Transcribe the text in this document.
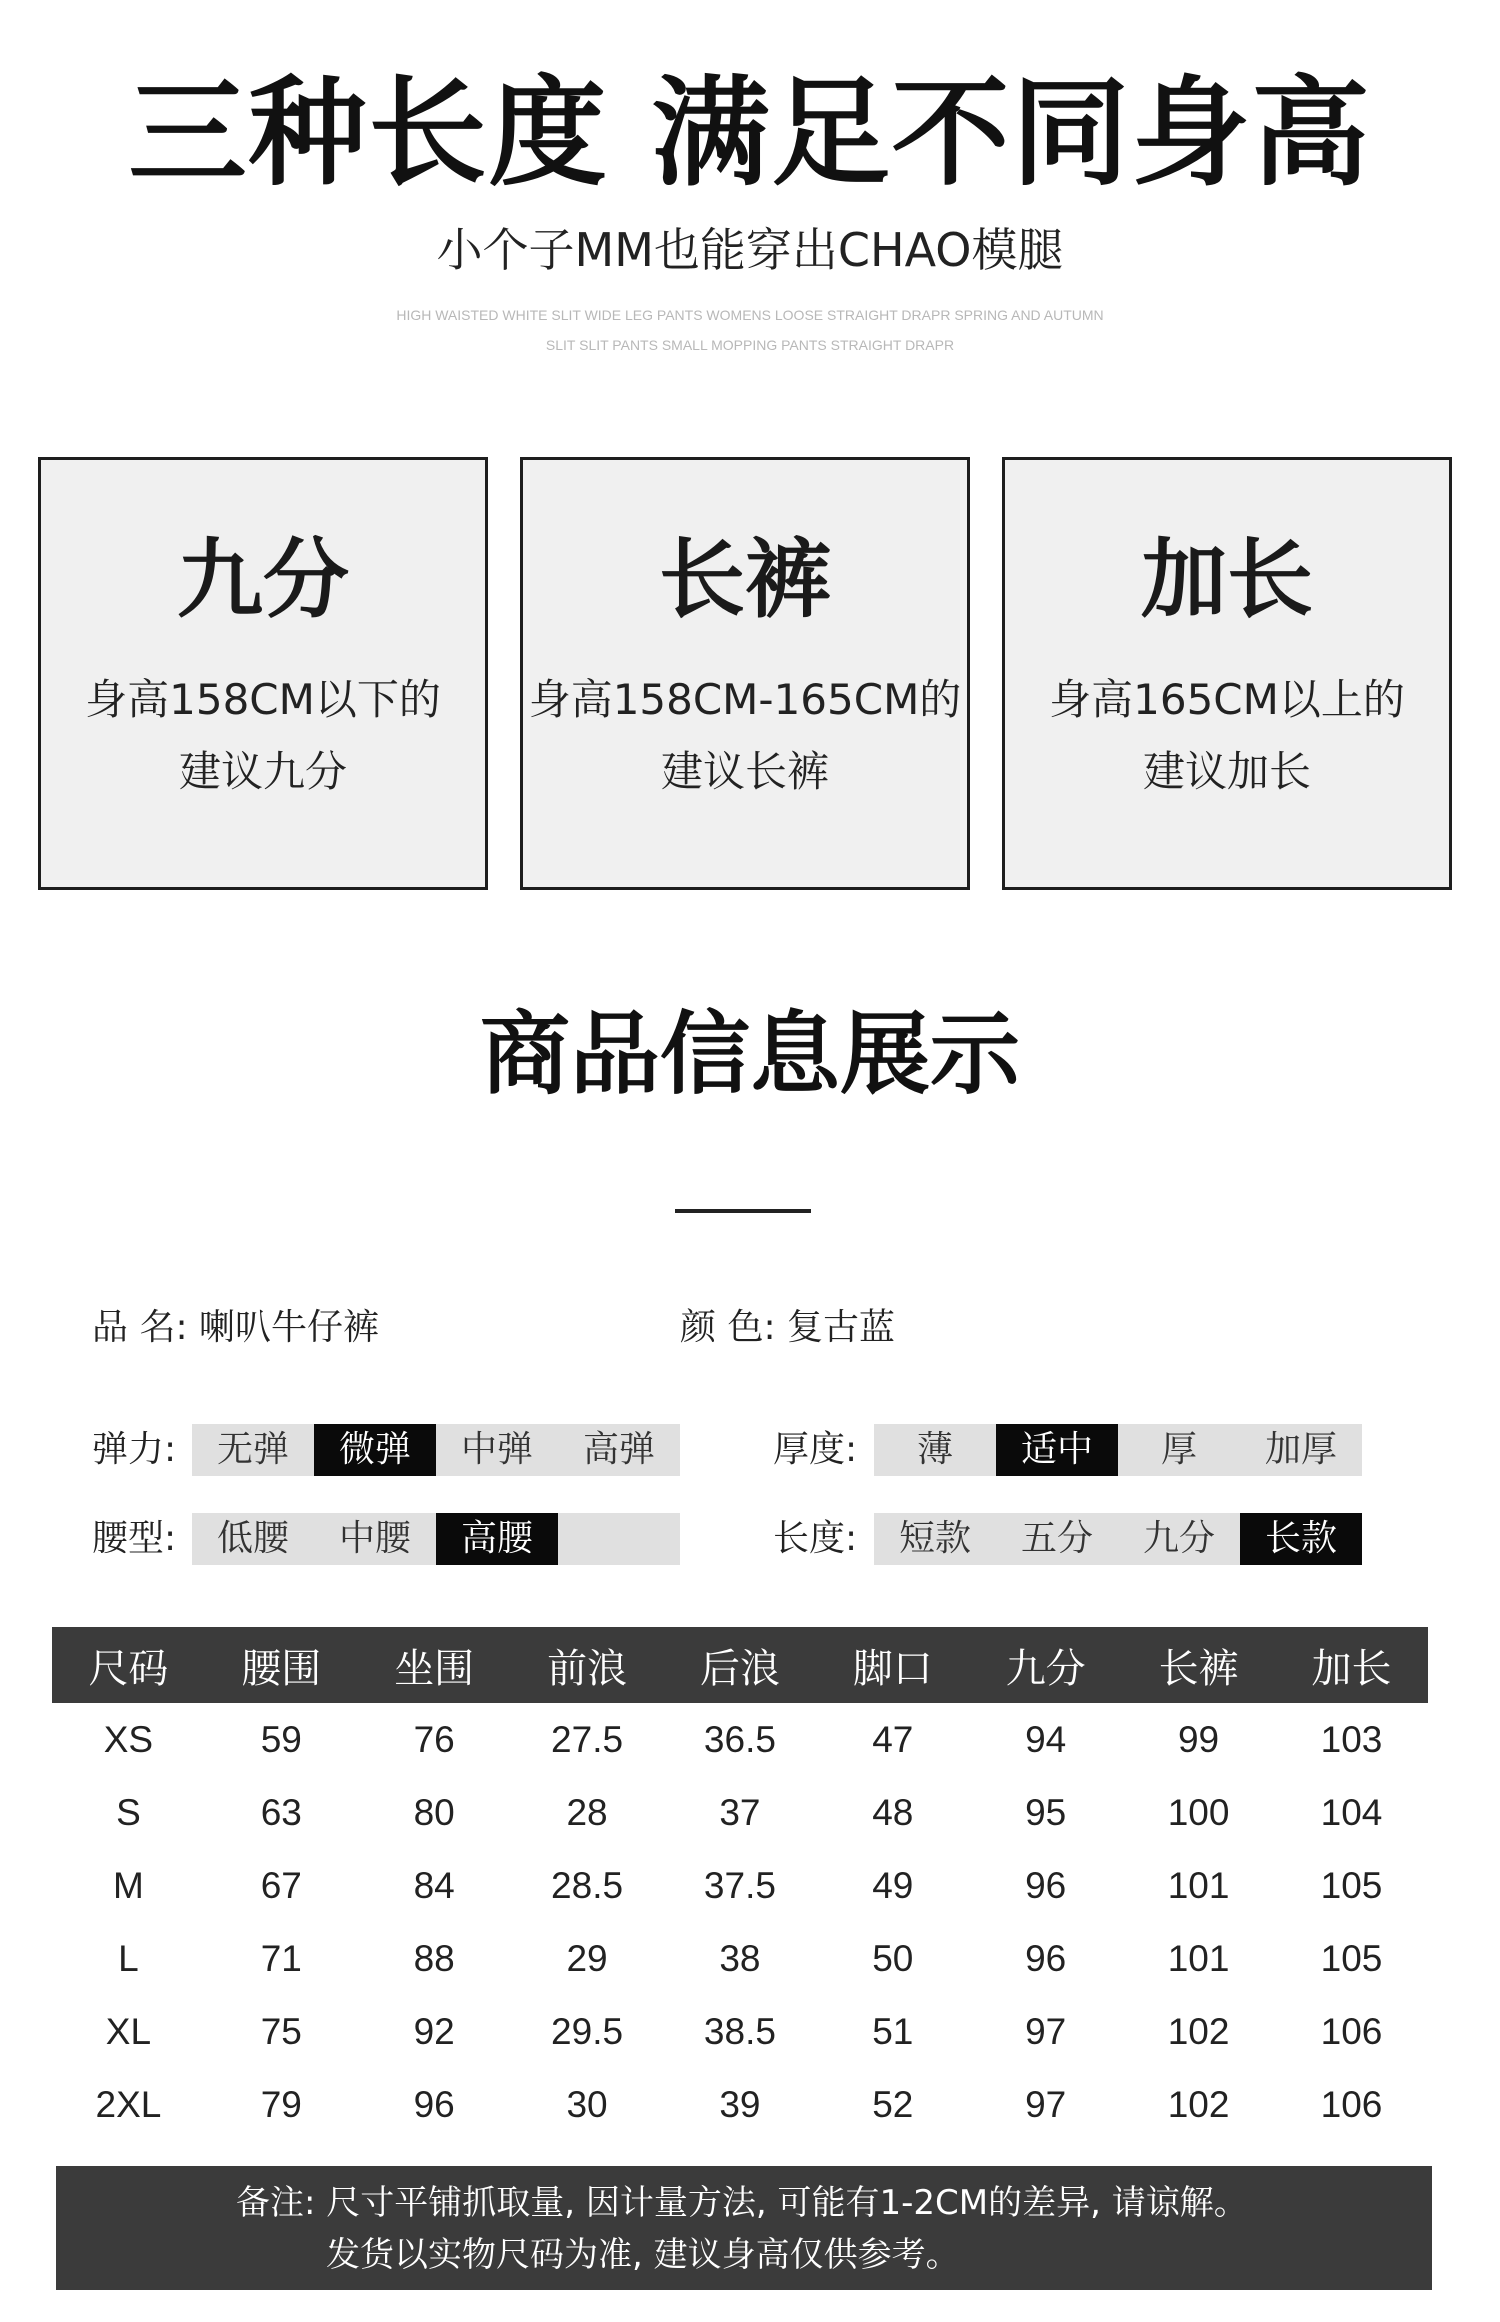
三种长度 满足不同身高
小个子MM也能穿出CHAO模腿
HIGH WAISTED WHITE SLIT WIDE LEG PANTS WOMENS LOOSE STRAIGHT DRAPR SPRING AND AUTUMN
SLIT SLIT PANTS SMALL MOPPING PANTS STRAIGHT DRAPR
九分
身高158CM以下的
建议九分
长裤
身高158CM-165CM的
建议长裤
加长
身高165CM以上的
建议加长
商品信息展示
品 名: 喇叭牛仔裤	颜 色: 复古蓝
弹力:	无弹	微弹	中弹	高弹	厚度:	薄	适中	厚	加厚
腰型:	低腰	中腰	高腰	长度:	短款	五分	九分	长款
尺码	腰围	坐围	前浪	后浪	脚口	九分	长裤	加长
XS	59	76	27.5	36.5	47	94	99	103
S	63	80	28	37	48	95	100	104
M	67	84	28.5	37.5	49	96	101	105
L	71	88	29	38	50	96	101	105
XL	75	92	29.5	38.5	51	97	102	106
2XL	79	96	30	39	52	97	102	106
备注: 尺寸平铺抓取量, 因计量方法, 可能有1-2CM的差异, 请谅解。
发货以实物尺码为准, 建议身高仅供参考。
